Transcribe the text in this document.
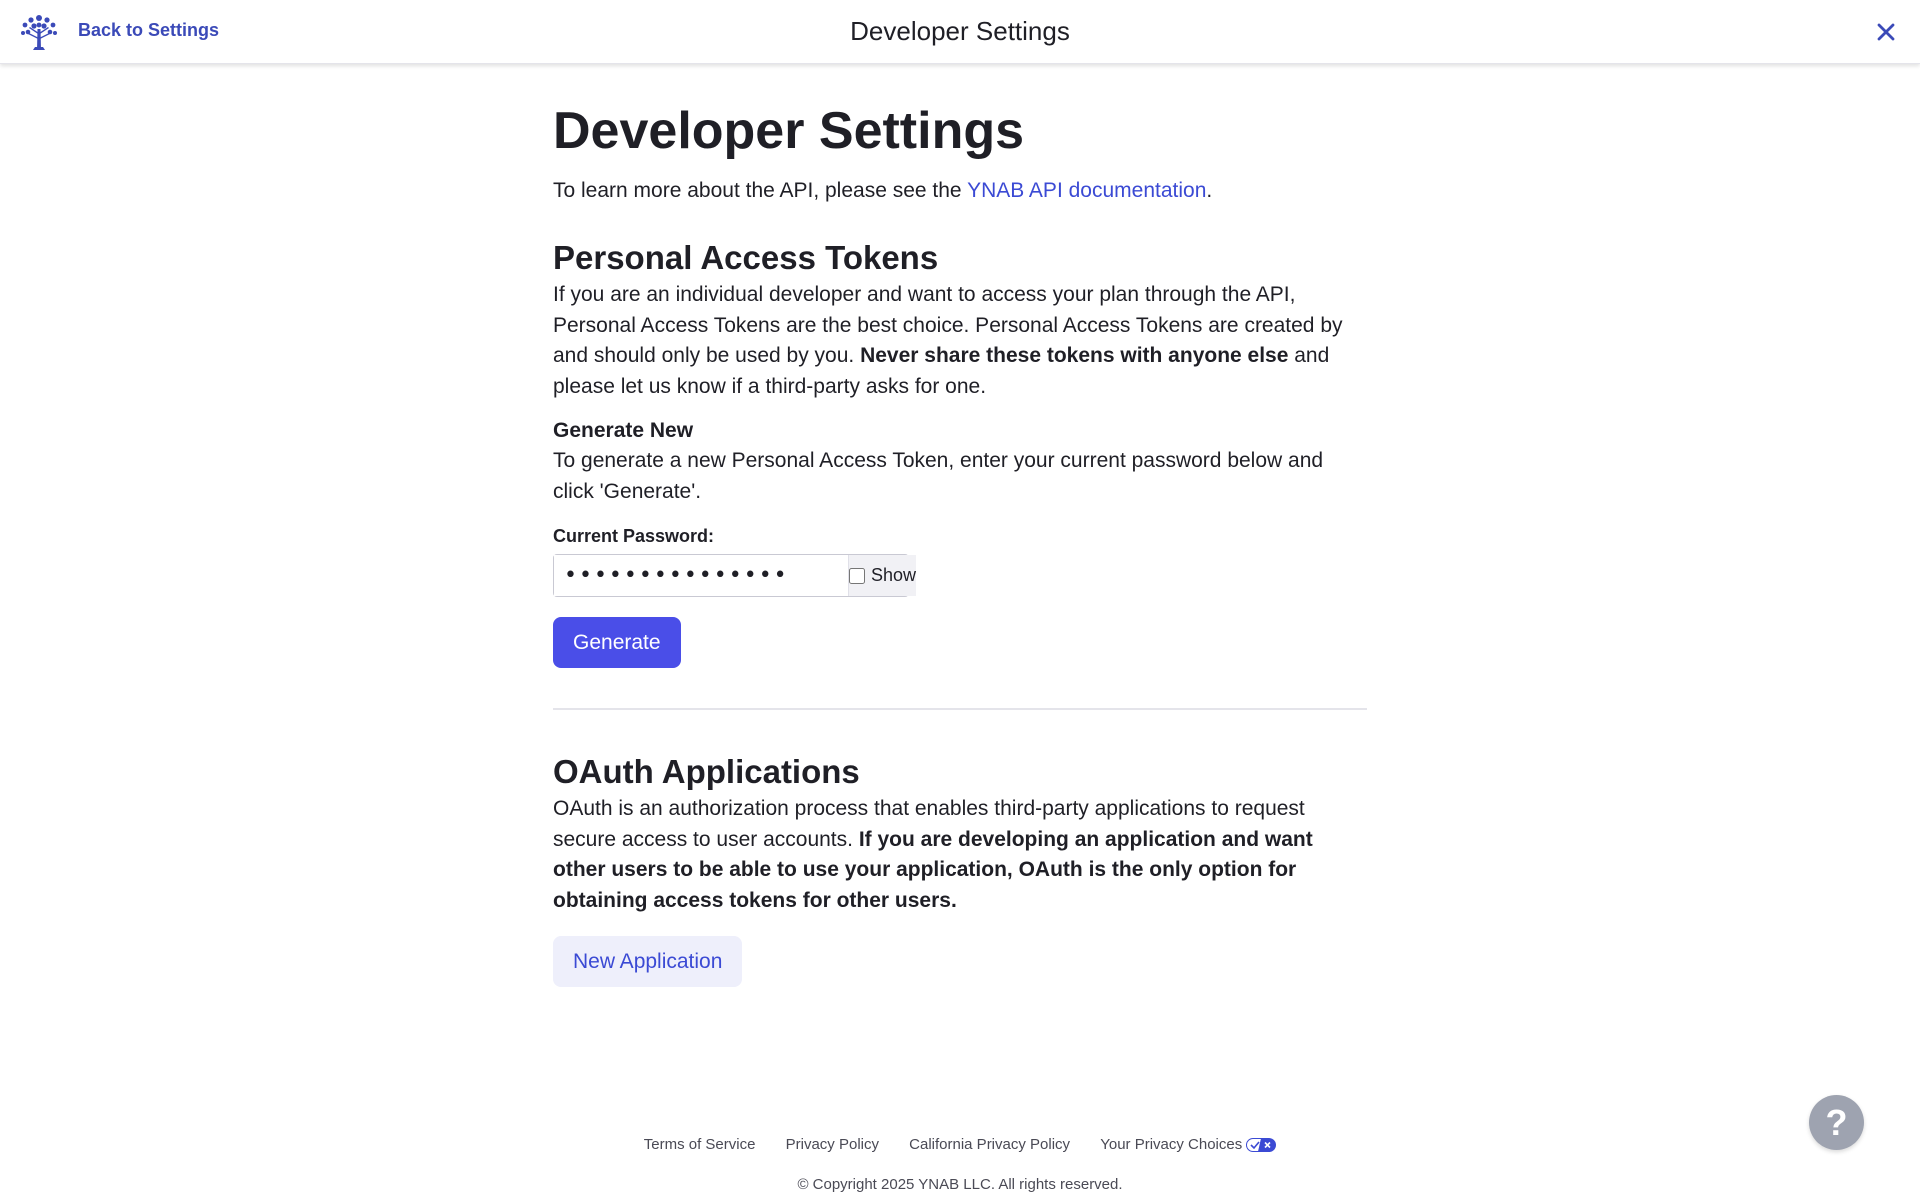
Back to Settings	Developer Settings
Developer Settings

To learn more about the API, please see the YNAB API documentation.

Personal Access Tokens

If you are an individual developer and want to access your plan through the API, Personal Access Tokens are the best choice. Personal Access Tokens are created by and should only be used by you. Never share these tokens with anyone else and please let us know if a third-party asks for one.

Generate New

To generate a new Personal Access Token, enter your current password below and click 'Generate'.

Current Password:
•••••••••••••••
Show
Generate
OAuth Applications

OAuth is an authorization process that enables third-party applications to request secure access to user accounts. If you are developing an application and want other users to be able to use your application, OAuth is the only option for obtaining access tokens for other users.

New Application
Terms of Service Privacy Policy California Privacy Policy Your Privacy Choices
© Copyright 2025 YNAB LLC. All rights reserved.
?
